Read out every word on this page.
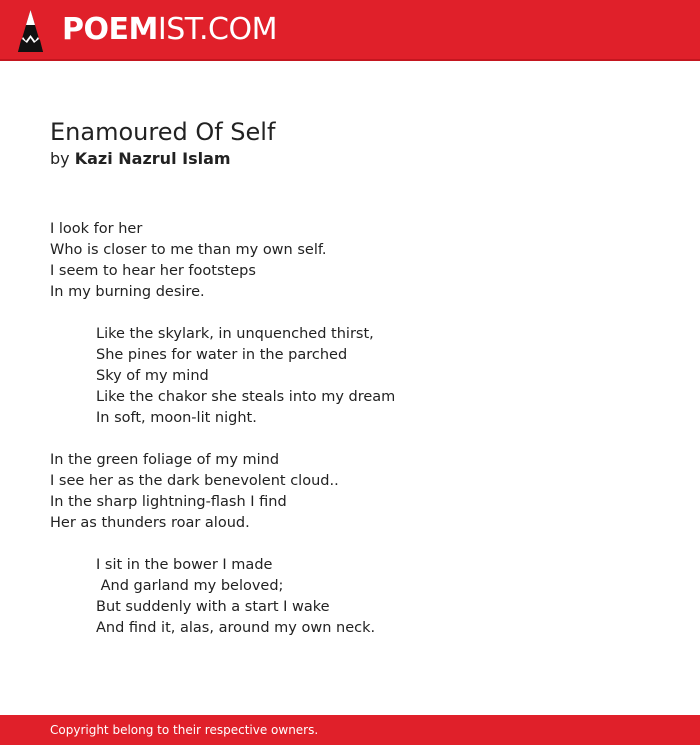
POEMIST.COM
Enamoured Of Self
by Kazi Nazrul Islam
I look for her
Who is closer to me than my own self.
I seem to hear her footsteps
In my burning desire.
Like the skylark, in unquenched thirst,
She pines for water in the parched
Sky of my mind
Like the chakor she steals into my dream
In soft, moon-lit night.
In the green foliage of my mind
I see her as the dark benevolent cloud..
In the sharp lightning-flash I find
Her as thunders roar aloud.
I sit in the bower I made
And garland my beloved;
But suddenly with a start I wake
And find it, alas, around my own neck.
Copyright belong to their respective owners.
